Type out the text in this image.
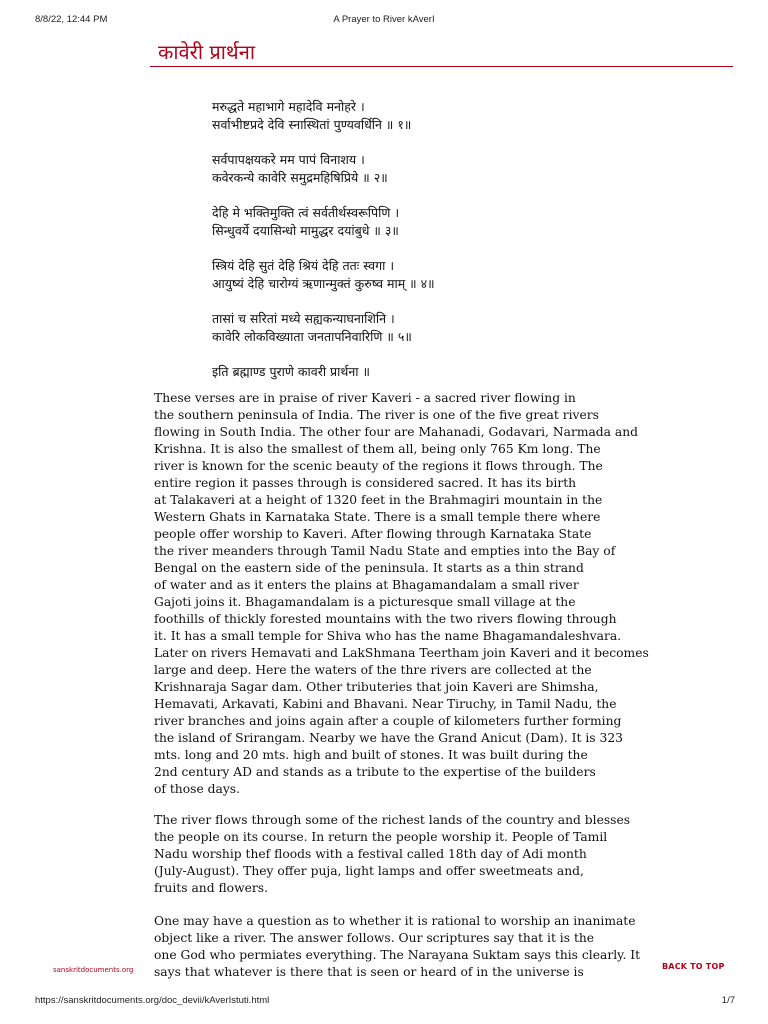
8/8/22, 12:44 PM	A Prayer to River kAverI
कावेरी प्रार्थना
मरुद्धते महाभागे महादेवि मनोहरे ।
सर्वाभीष्टप्रदे देवि स्नास्थितां पुण्यवर्धिनि ॥ १॥
सर्वपापक्षयकरे मम पापं विनाशय ।
कवेरकन्ये कावेरि समुद्रमहिषिप्रिये ॥ २॥
देहि मे भक्तिमुक्ति त्वं सर्वतीर्थस्वरूपिणि ।
सिन्धुवर्ये दयासिन्धो मामुद्धर दयांबुधे ॥ ३॥
स्त्रियं देहि सुतं देहि श्रियं देहि ततः स्वगा ।
आयुष्यं देहि चारोग्यं ऋणान्मुक्तं कुरुष्व माम् ॥ ४॥
तासां च सरितां मध्ये सह्यकन्याघनाशिनि ।
कावेरि लोकविख्याता जनतापनिवारिणि ॥ ५॥
इति ब्रह्माण्ड पुराणे कावरी प्रार्थना ॥
These verses are in praise of river Kaveri - a sacred river flowing in
the southern peninsula of India. The river is one of the five great rivers
flowing in South India. The other four are Mahanadi, Godavari, Narmada and
Krishna. It is also the smallest of them all, being only 765 Km long. The
river is known for the scenic beauty of the regions it flows through. The
entire region it passes through is considered sacred. It has its birth
at Talakaveri at a height of 1320 feet in the Brahmagiri mountain in the
Western Ghats in Karnataka State. There is a small temple there where
people offer worship to Kaveri. After flowing through Karnataka State
the river meanders through Tamil Nadu State and empties into the Bay of
Bengal on the eastern side of the peninsula. It starts as a thin strand
of water and as it enters the plains at Bhagamandalam a small river
Gajoti joins it. Bhagamandalam is a picturesque small village at the
foothills of thickly forested mountains with the two rivers flowing through
it. It has a small temple for Shiva who has the name Bhagamandaleshvara.
Later on rivers Hemavati and LakShmana Teertham join Kaveri and it becomes
large and deep. Here the waters of the thre rivers are collected at the
Krishnaraja Sagar dam. Other tributeries that join Kaveri are Shimsha,
Hemavati, Arkavati, Kabini and Bhavani. Near Tiruchy, in Tamil Nadu, the
river branches and joins again after a couple of kilometers further forming
the island of Srirangam. Nearby we have the Grand Anicut (Dam). It is 323
mts. long and 20 mts. high and built of stones. It was built during the
2nd century AD and stands as a tribute to the expertise of the builders
of those days.
The river flows through some of the richest lands of the country and blesses
the people on its course. In return the people worship it. People of Tamil
Nadu worship thef floods with a festival called 18th day of Adi month
(July-August). They offer puja, light lamps and offer sweetmeats and,
fruits and flowers.
One may have a question as to whether it is rational to worship an inanimate
object like a river. The answer follows. Our scriptures say that it is the
one God who permiates everything. The Narayana Suktam says this clearly. It
says that whatever is there that is seen or heard of in the universe is
sanskritdocuments.org	BACK TO TOP
https://sanskritdocuments.org/doc_devii/kAverIstuti.html	1/7
